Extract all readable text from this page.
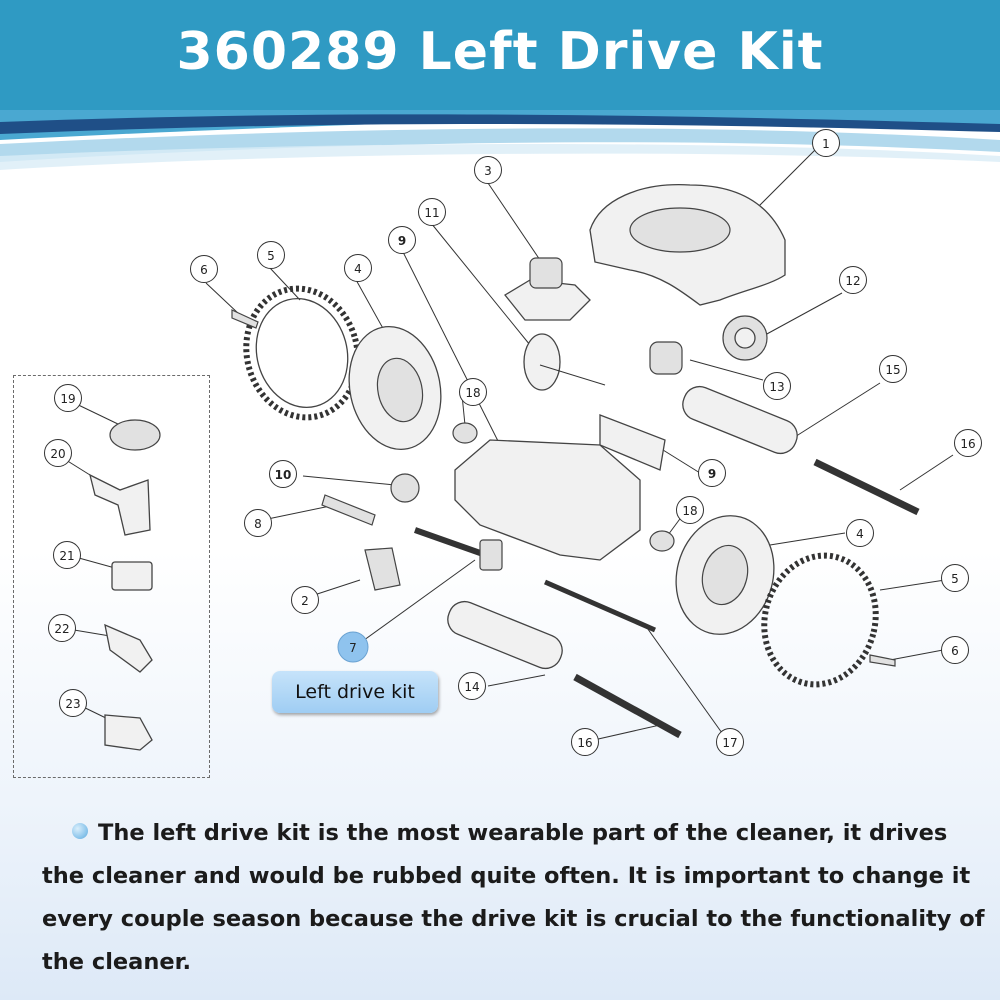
360289 Left Drive Kit
1
2
3
4
4
5
5
6
6
7
8
9
9
10
11
12
13
14
15
16
16	17
18
18
19
20
21
22
23
Left drive kit
The left drive kit is the most wearable part of the cleaner, it drives the cleaner and would be rubbed quite often. It is important to change it every couple season because the drive kit is crucial to the functionality of the cleaner.
